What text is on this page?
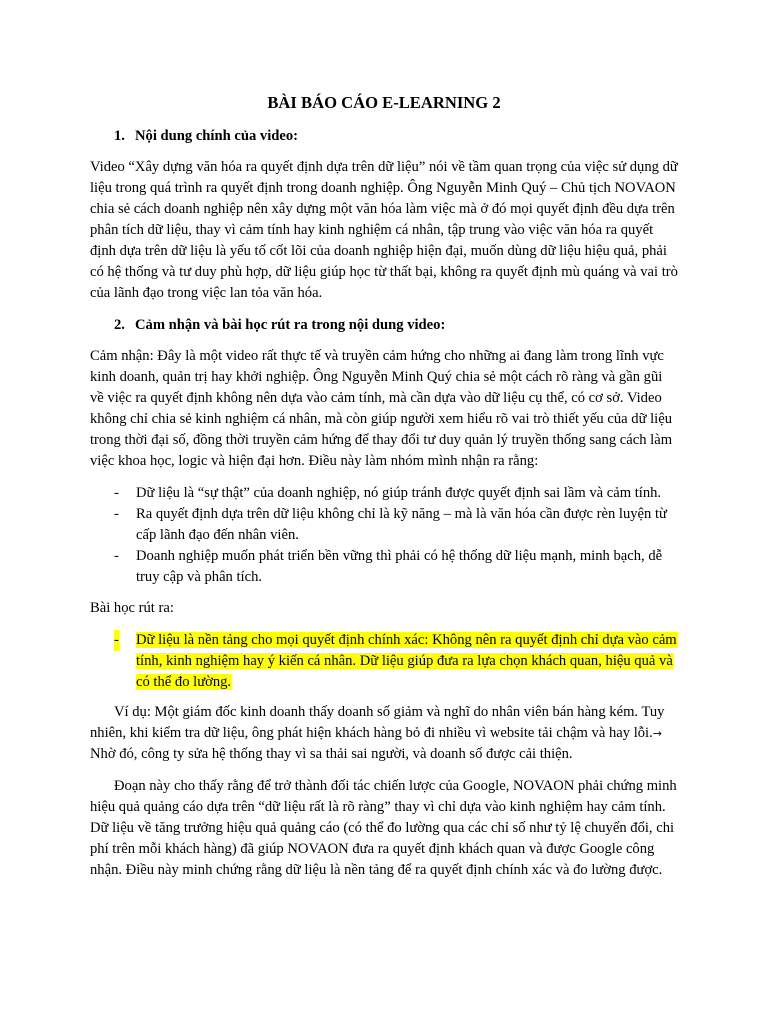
BÀI BÁO CÁO E-LEARNING 2
1. Nội dung chính của video:

Video “Xây dựng văn hóa ra quyết định dựa trên dữ liệu” nói về tầm quan trọng của việc sử dụng dữ liệu trong quá trình ra quyết định trong doanh nghiệp. Ông Nguyễn Minh Quý – Chủ tịch NOVAON chia sẻ cách doanh nghiệp nên xây dựng một văn hóa làm việc mà ở đó mọi quyết định đều dựa trên phân tích dữ liệu, thay vì cảm tính hay kinh nghiệm cá nhân, tập trung vào việc văn hóa ra quyết định dựa trên dữ liệu là yếu tố cốt lõi của doanh nghiệp hiện đại, muốn dùng dữ liệu hiệu quả, phải có hệ thống và tư duy phù hợp, dữ liệu giúp học từ thất bại, không ra quyết định mù quáng và vai trò của lãnh đạo trong việc lan tỏa văn hóa.

2. Cảm nhận và bài học rút ra trong nội dung video:

Cảm nhận: Đây là một video rất thực tế và truyền cảm hứng cho những ai đang làm trong lĩnh vực kinh doanh, quản trị hay khởi nghiệp. Ông Nguyễn Minh Quý chia sẻ một cách rõ ràng và gần gũi về việc ra quyết định không nên dựa vào cảm tính, mà cần dựa vào dữ liệu cụ thể, có cơ sở. Video không chỉ chia sẻ kinh nghiệm cá nhân, mà còn giúp người xem hiểu rõ vai trò thiết yếu của dữ liệu trong thời đại số, đồng thời truyền cảm hứng để thay đổi tư duy quản lý truyền thống sang cách làm việc khoa học, logic và hiện đại hơn. Điều này làm nhóm mình nhận ra rằng:

- Dữ liệu là “sự thật” của doanh nghiệp, nó giúp tránh được quyết định sai lầm và cảm tính.
- Ra quyết định dựa trên dữ liệu không chỉ là kỹ năng – mà là văn hóa cần được rèn luyện từ cấp lãnh đạo đến nhân viên.
- Doanh nghiệp muốn phát triển bền vững thì phải có hệ thống dữ liệu mạnh, minh bạch, dễ truy cập và phân tích.

Bài học rút ra:

- Dữ liệu là nền tảng cho mọi quyết định chính xác: Không nên ra quyết định chỉ dựa vào cảm tính, kinh nghiệm hay ý kiến cá nhân. Dữ liệu giúp đưa ra lựa chọn khách quan, hiệu quả và có thể đo lường.

Ví dụ: Một giám đốc kinh doanh thấy doanh số giảm và nghĩ do nhân viên bán hàng kém. Tuy nhiên, khi kiểm tra dữ liệu, ông phát hiện khách hàng bỏ đi nhiều vì website tải chậm và hay lỗi.→ Nhờ đó, công ty sửa hệ thống thay vì sa thải sai người, và doanh số được cải thiện.

Đoạn này cho thấy rằng để trở thành đối tác chiến lược của Google, NOVAON phải chứng minh hiệu quả quảng cáo dựa trên “dữ liệu rất là rõ ràng” thay vì chỉ dựa vào kinh nghiệm hay cảm tính. Dữ liệu về tăng trưởng hiệu quả quảng cáo (có thể đo lường qua các chỉ số như tỷ lệ chuyển đổi, chi phí trên mỗi khách hàng) đã giúp NOVAON đưa ra quyết định khách quan và được Google công nhận. Điều này minh chứng rằng dữ liệu là nền tảng để ra quyết định chính xác và đo lường được.
